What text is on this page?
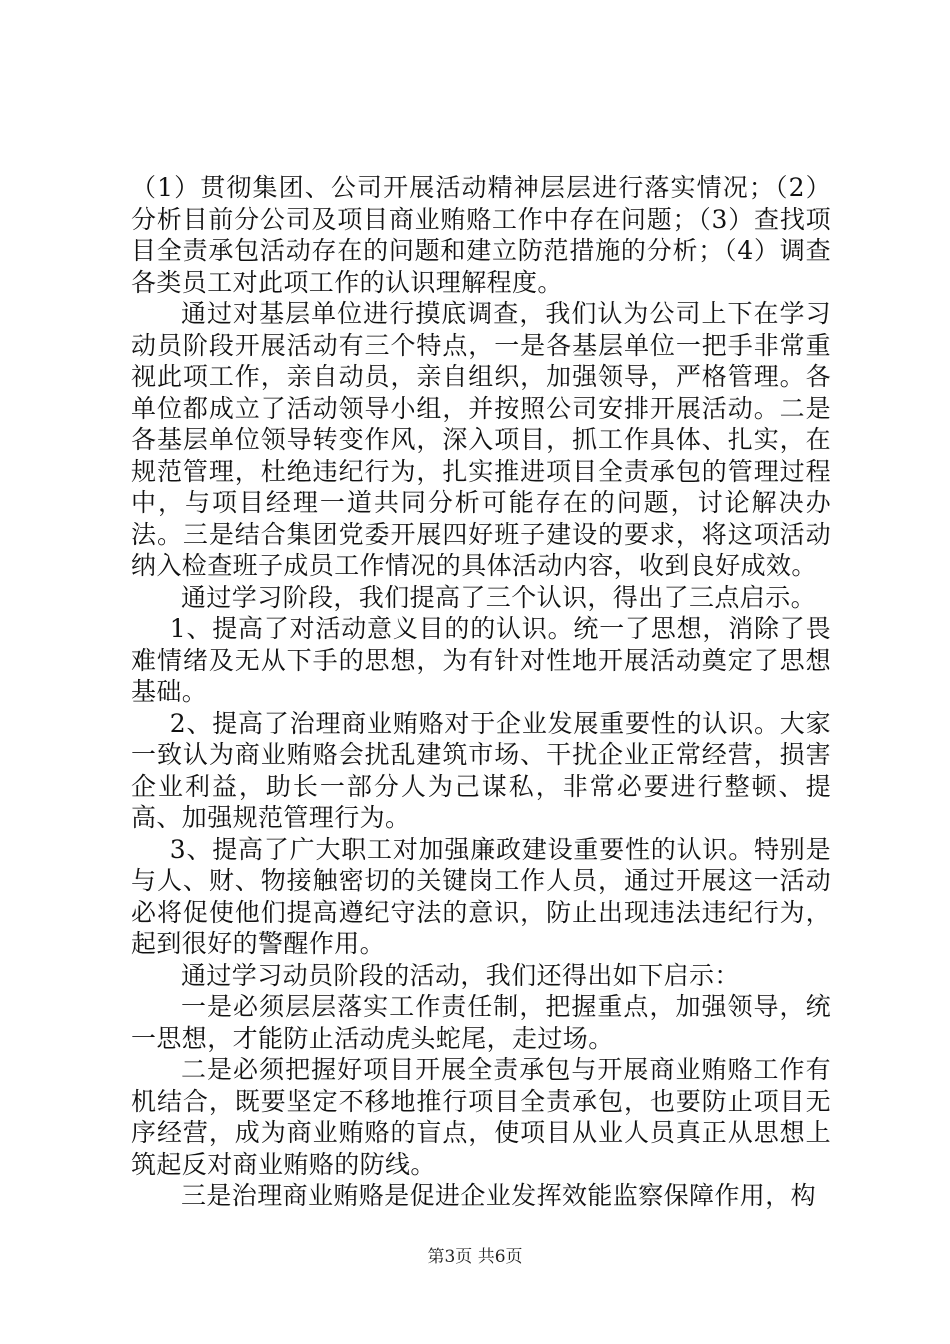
（1）贯彻集团、公司开展活动精神层层进行落实情况；（2）分析目前分公司及项目商业贿赂工作中存在问题；（3）查找项目全责承包活动存在的问题和建立防范措施的分析；（4）调查各类员工对此项工作的认识理解程度。

通过对基层单位进行摸底调查，我们认为公司上下在学习动员阶段开展活动有三个特点，一是各基层单位一把手非常重视此项工作，亲自动员，亲自组织，加强领导，严格管理。各单位都成立了活动领导小组，并按照公司安排开展活动。二是各基层单位领导转变作风，深入项目，抓工作具体、扎实，在规范管理，杜绝违纪行为，扎实推进项目全责承包的管理过程中，与项目经理一道共同分析可能存在的问题，讨论解决办法。三是结合集团党委开展四好班子建设的要求，将这项活动纳入检查班子成员工作情况的具体活动内容，收到良好成效。

通过学习阶段，我们提高了三个认识，得出了三点启示。

1、提高了对活动意义目的的认识。统一了思想，消除了畏难情绪及无从下手的思想，为有针对性地开展活动奠定了思想基础。

2、提高了治理商业贿赂对于企业发展重要性的认识。大家一致认为商业贿赂会扰乱建筑市场、干扰企业正常经营，损害企业利益，助长一部分人为己谋私，非常必要进行整顿、提高、加强规范管理行为。

3、提高了广大职工对加强廉政建设重要性的认识。特别是与人、财、物接触密切的关键岗工作人员，通过开展这一活动必将促使他们提高遵纪守法的意识，防止出现违法违纪行为，起到很好的警醒作用。

通过学习动员阶段的活动，我们还得出如下启示：

一是必须层层落实工作责任制，把握重点，加强领导，统一思想，才能防止活动虎头蛇尾，走过场。

二是必须把握好项目开展全责承包与开展商业贿赂工作有机结合，既要坚定不移地推行项目全责承包，也要防止项目无序经营，成为商业贿赂的盲点，使项目从业人员真正从思想上筑起反对商业贿赂的防线。

三是治理商业贿赂是促进企业发挥效能监察保障作用，构

第3页 共6页
